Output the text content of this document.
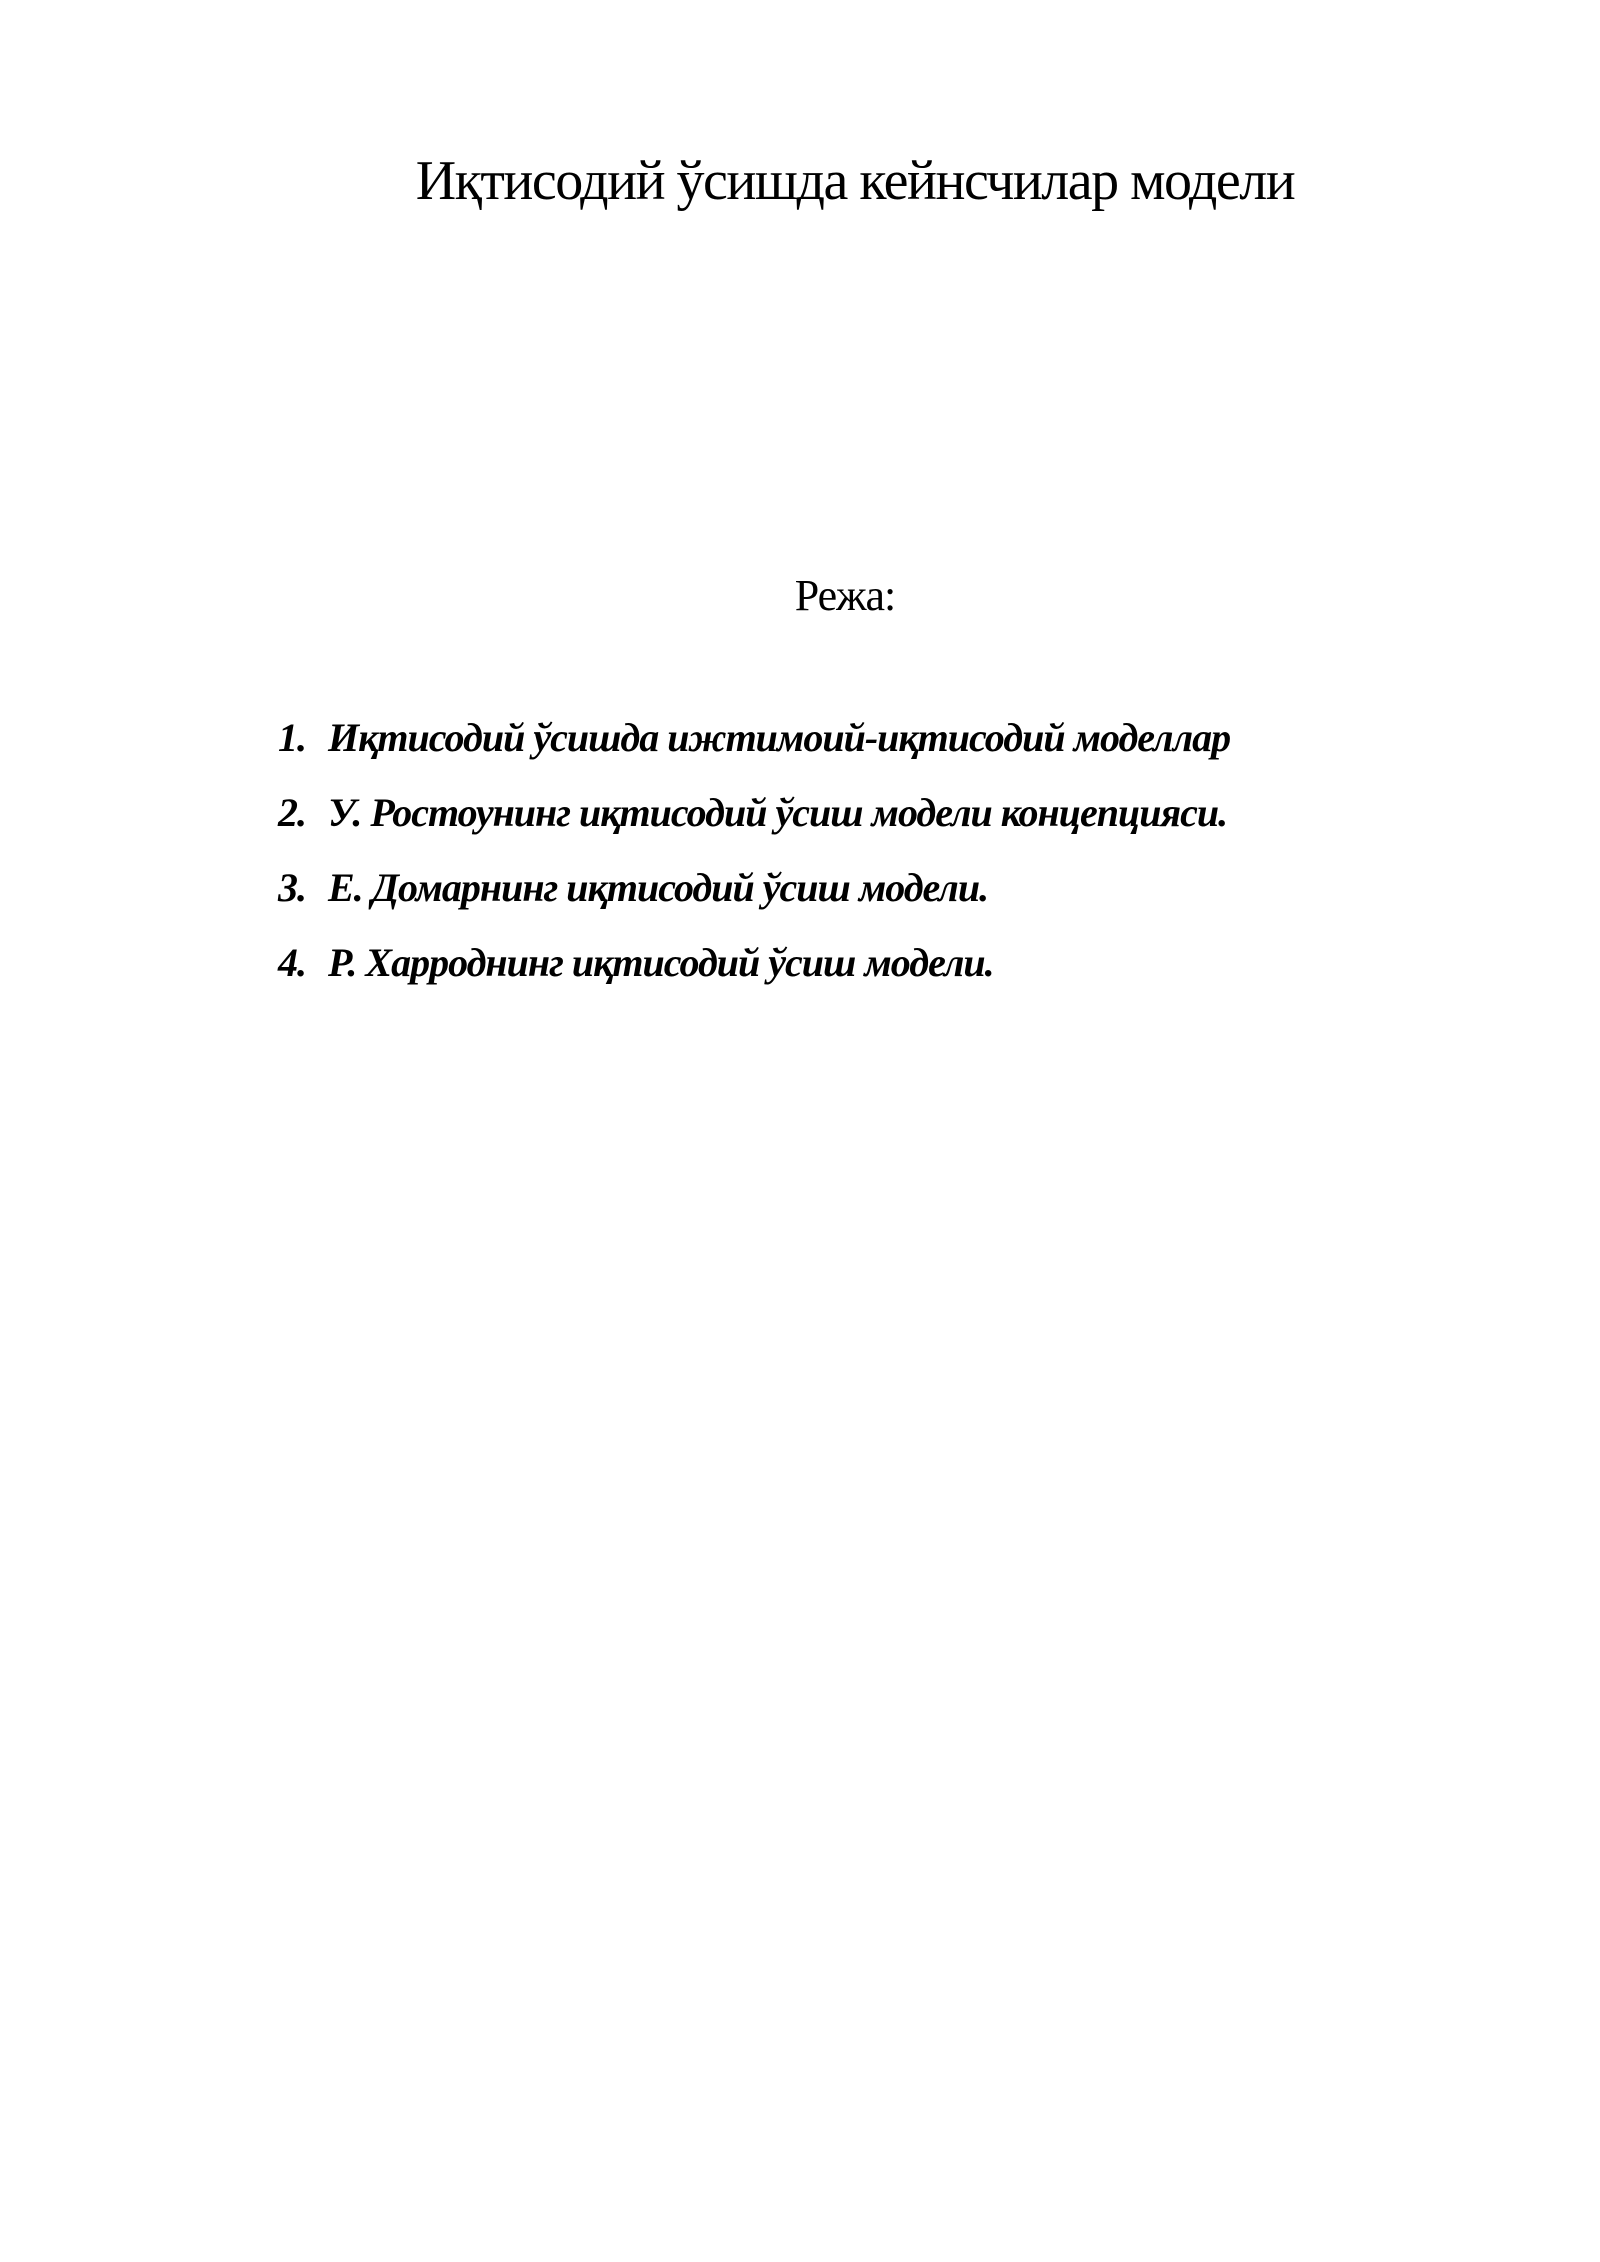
Иқтисодий ўсишда кейнсчилар модели
Режа:
1. Иқтисодий ўсишда ижтимоий-иқтисодий моделлар
2. У. Ростоунинг иқтисодий ўсиш модели концепцияси.
3. Е. Домарнинг иқтисодий ўсиш модели.
4. Р. Харроднинг иқтисодий ўсиш модели.
